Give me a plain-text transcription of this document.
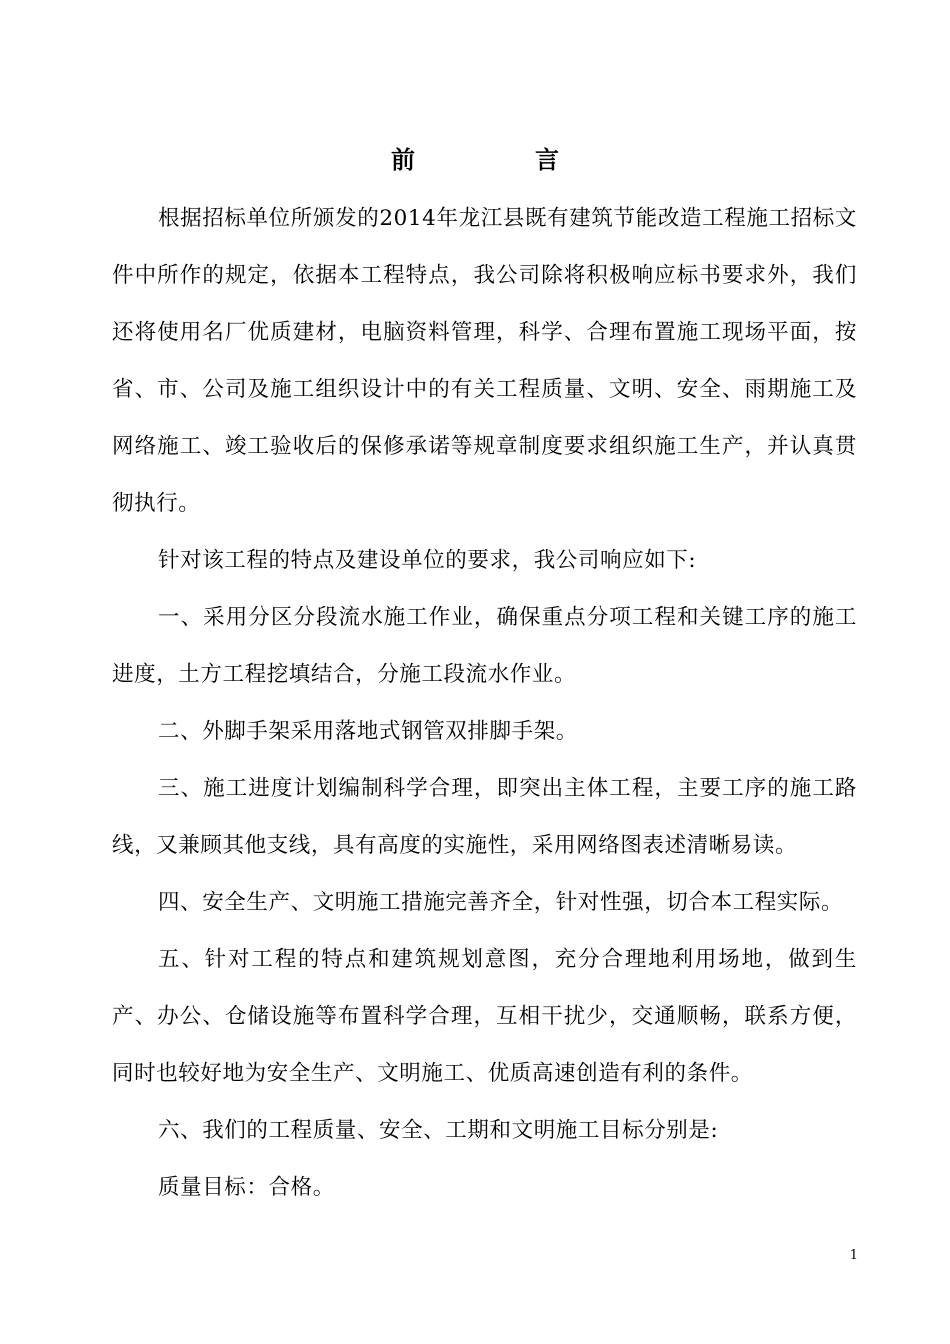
前　言

根据招标单位所颁发的2014年龙江县既有建筑节能改造工程施工招标文件中所作的规定，依据本工程特点，我公司除将积极响应标书要求外，我们还将使用名厂优质建材，电脑资料管理，科学、合理布置施工现场平面，按省、市、公司及施工组织设计中的有关工程质量、文明、安全、雨期施工及网络施工、竣工验收后的保修承诺等规章制度要求组织施工生产，并认真贯彻执行。

针对该工程的特点及建设单位的要求，我公司响应如下:

一、采用分区分段流水施工作业，确保重点分项工程和关键工序的施工进度，土方工程挖填结合，分施工段流水作业。

二、外脚手架采用落地式钢管双排脚手架。

三、施工进度计划编制科学合理，即突出主体工程，主要工序的施工路线，又兼顾其他支线，具有高度的实施性，采用网络图表述清晰易读。

四、安全生产、文明施工措施完善齐全，针对性强，切合本工程实际。

五、针对工程的特点和建筑规划意图，充分合理地利用场地，做到生产、办公、仓储设施等布置科学合理，互相干扰少，交通顺畅，联系方便，同时也较好地为安全生产、文明施工、优质高速创造有利的条件。

六、我们的工程质量、安全、工期和文明施工目标分别是:

质量目标：合格。

1
